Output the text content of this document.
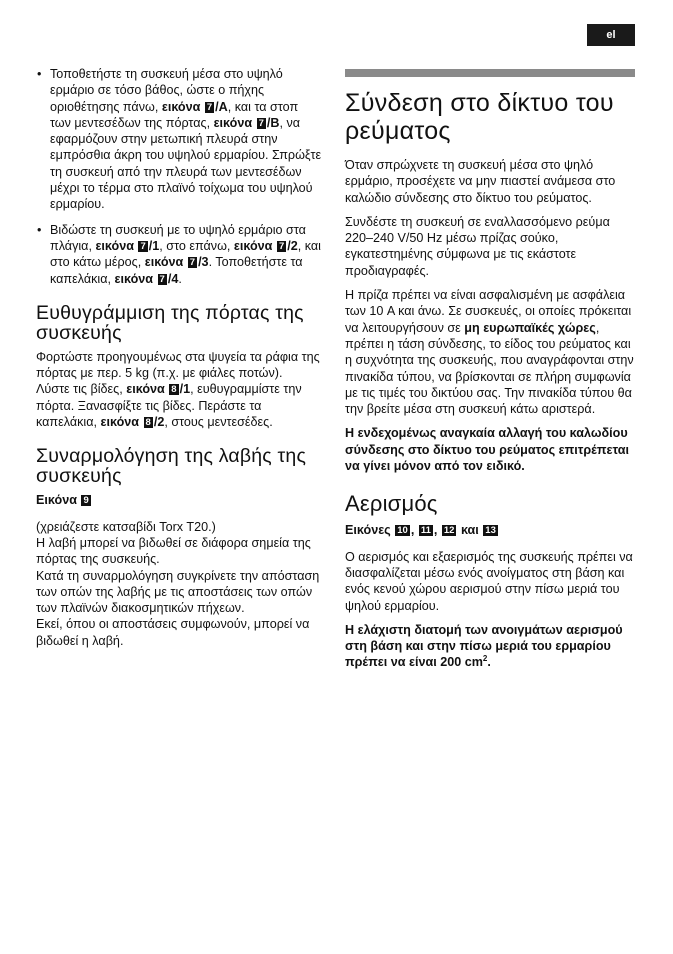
el
• Τοποθετήστε τη συσκευή μέσα στο υψηλό ερμάριο σε τόσο βάθος, ώστε ο πήχης οριοθέτησης πάνω, εικόνα 7 /A, και τα στοπ των μεντεσέδων της πόρτας, εικόνα 7 /B, να εφαρμόζουν στην μετωπική πλευρά στην εμπρόσθια άκρη του υψηλού ερμαρίου. Σπρώξτε τη συσκευή από την πλευρά των μεντεσέδων μέχρι το τέρμα στο πλαϊνό τοίχωμα του υψηλού ερμαρίου.
• Βιδώστε τη συσκευή με το υψηλό ερμάριο στα πλάγια, εικόνα 7 /1, στο επάνω, εικόνα 7 /2, και στο κάτω μέρος, εικόνα 7 /3. Τοποθετήστε τα καπελάκια, εικόνα 7 /4.
Ευθυγράμμιση της πόρτας της συσκευής

Φορτώστε προηγουμένως στα ψυγεία τα ράφια της πόρτας με περ. 5 kg (π.χ. με φιάλες ποτών).
Λύστε τις βίδες, εικόνα 8 /1, ευθυγραμμίστε την πόρτα. Ξανασφίξτε τις βίδες. Περάστε τα καπελάκια, εικόνα 8 /2, στους μεντεσέδες.

Συναρμολόγηση της λαβής της συσκευής
Εικόνα 9

(χρειάζεστε κατσαβίδι Torx T20.)
Η λαβή μπορεί να βιδωθεί σε διάφορα σημεία της πόρτας της συσκευής.
Κατά τη συναρμολόγηση συγκρίνετε την απόσταση των οπών της λαβής με τις αποστάσεις των οπών των πλαϊνών διακοσμητικών πήχεων.
Εκεί, όπου οι αποστάσεις συμφωνούν, μπορεί να βιδωθεί η λαβή.

Σύνδεση στο δίκτυο του ρεύματος

Όταν σπρώχνετε τη συσκευή μέσα στο ψηλό ερμάριο, προσέχετε να μην πιαστεί ανάμεσα στο καλώδιο σύνδεσης στο δίκτυο του ρεύματος.

Συνδέστε τη συσκευή σε εναλλασσόμενο ρεύμα 220–240 V/50 Hz μέσω πρίζας σούκο, εγκατεστημένης σύμφωνα με τις εκάστοτε προδιαγραφές.

Η πρίζα πρέπει να είναι ασφαλισμένη με ασφάλεια των 10 A και άνω. Σε συσκευές, οι οποίες πρόκειται να λειτουργήσουν σε μη ευρωπαϊκές χώρες, πρέπει η τάση σύνδεσης, το είδος του ρεύματος και η συχνότητα της συσκευής, που αναγράφονται στην πινακίδα τύπου, να βρίσκονται σε πλήρη συμφωνία με τις τιμές του δικτύου σας. Την πινακίδα τύπου θα την βρείτε μέσα στη συσκευή κάτω αριστερά.

Η ενδεχομένως αναγκαία αλλαγή του καλωδίου σύνδεσης στο δίκτυο του ρεύματος επιτρέπεται να γίνει μόνον από τον ειδικό.

Αερισμός
Εικόνες 10 , 11 , 12 και 13

Ο αερισμός και εξαερισμός της συσκευής πρέπει να διασφαλίζεται μέσω ενός ανοίγματος στη βάση και ενός κενού χώρου αερισμού στην πίσω μεριά του ψηλού ερμαρίου.

Η ελάχιστη διατομή των ανοιγμάτων αερισμού στη βάση και στην πίσω μεριά του ερμαρίου πρέπει να είναι 200 $cm^2$.
